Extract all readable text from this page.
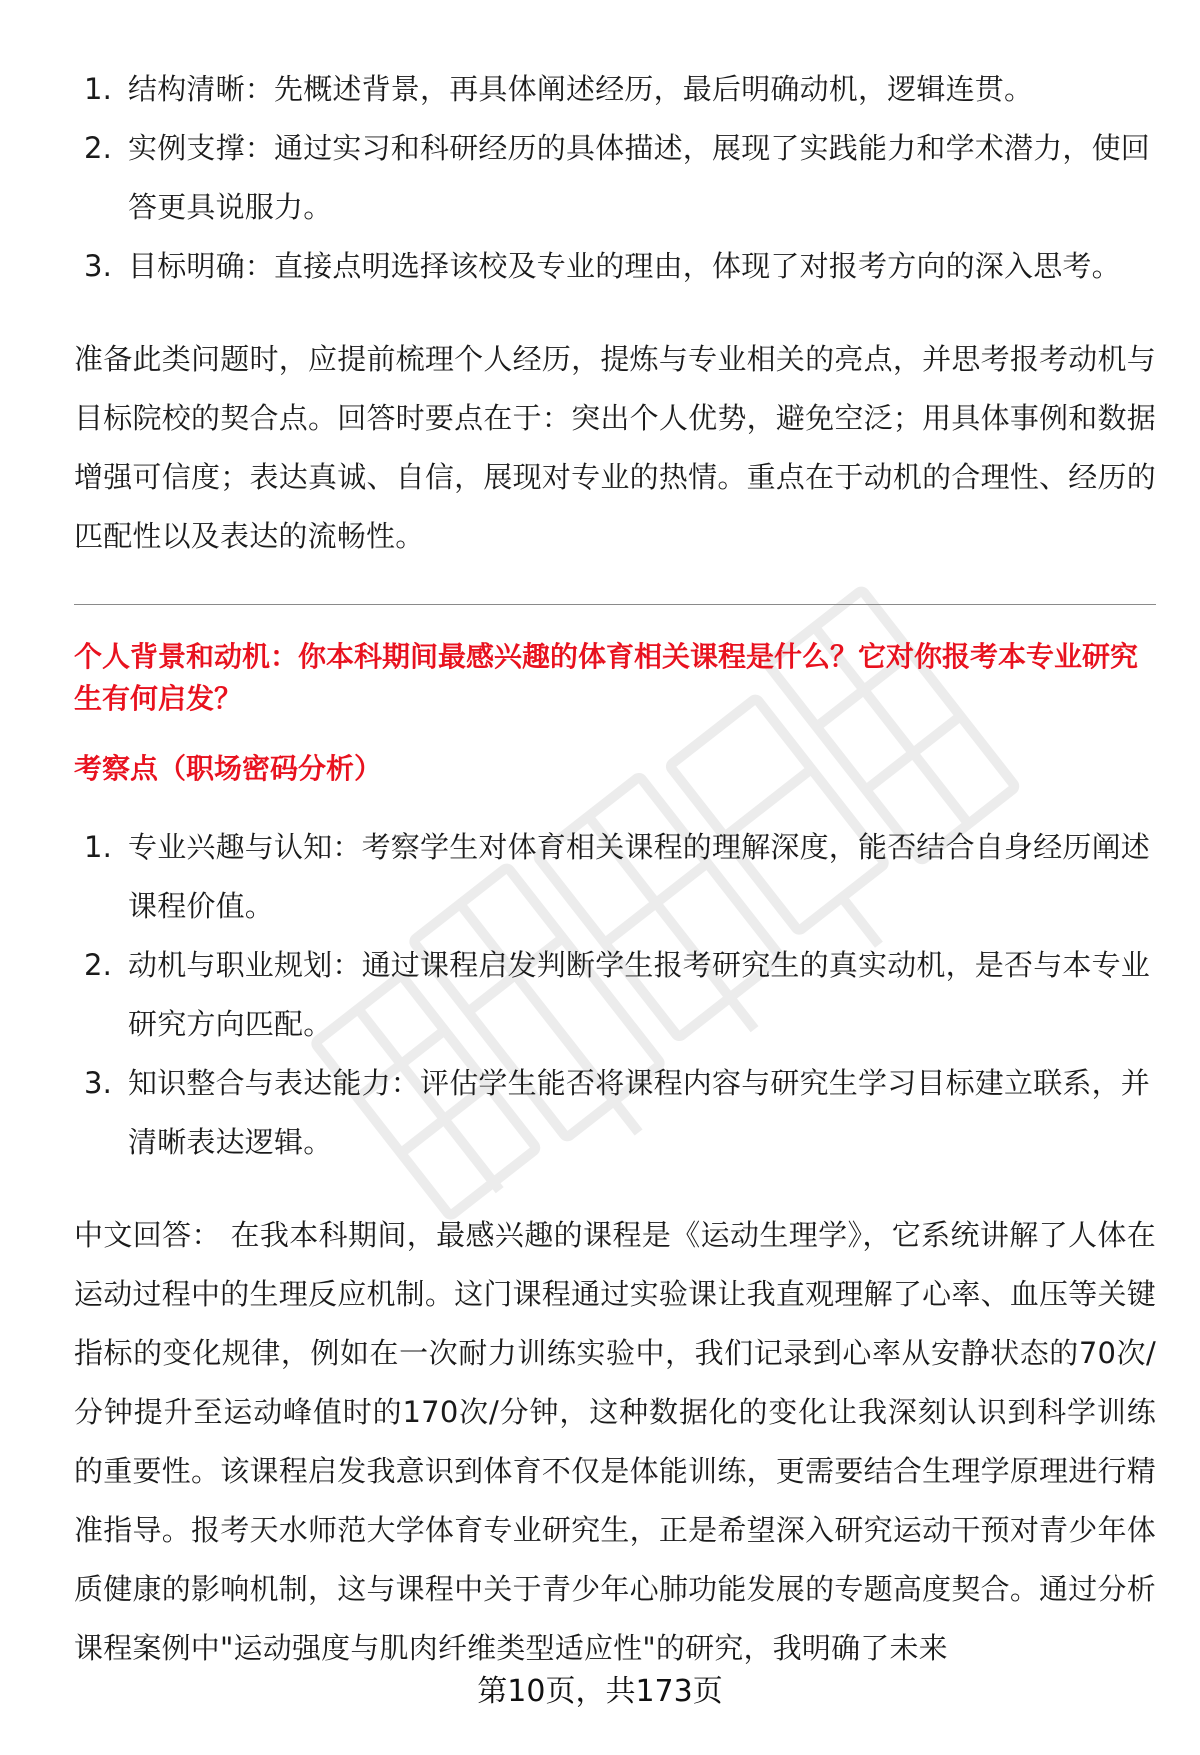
1. 结构清晰：先概述背景，再具体阐述经历，最后明确动机，逻辑连贯。
2. 实例支撑：通过实习和科研经历的具体描述，展现了实践能力和学术潜力，使回答更具说服力。
3. 目标明确：直接点明选择该校及专业的理由，体现了对报考方向的深入思考。

准备此类问题时，应提前梳理个人经历，提炼与专业相关的亮点，并思考报考动机与目标院校的契合点。回答时要点在于：突出个人优势，避免空泛；用具体事例和数据增强可信度；表达真诚、自信，展现对专业的热情。重点在于动机的合理性、经历的匹配性以及表达的流畅性。

个人背景和动机：你本科期间最感兴趣的体育相关课程是什么？它对你报考本专业研究生有何启发？

考察点（职场密码分析）

1. 专业兴趣与认知：考察学生对体育相关课程的理解深度，能否结合自身经历阐述课程价值。
2. 动机与职业规划：通过课程启发判断学生报考研究生的真实动机，是否与本专业研究方向匹配。
3. 知识整合与表达能力：评估学生能否将课程内容与研究生学习目标建立联系，并清晰表达逻辑。

中文回答： 在我本科期间，最感兴趣的课程是《运动生理学》，它系统讲解了人体在运动过程中的生理反应机制。这门课程通过实验课让我直观理解了心率、血压等关键指标的变化规律，例如在一次耐力训练实验中，我们记录到心率从安静状态的70次/分钟提升至运动峰值时的170次/分钟，这种数据化的变化让我深刻认识到科学训练的重要性。该课程启发我意识到体育不仅是体能训练，更需要结合生理学原理进行精准指导。报考天水师范大学体育专业研究生，正是希望深入研究运动干预对青少年体质健康的影响机制，这与课程中关于青少年心肺功能发展的专题高度契合。通过分析课程案例中"运动强度与肌肉纤维类型适应性"的研究，我明确了未来

第10页，共173页
